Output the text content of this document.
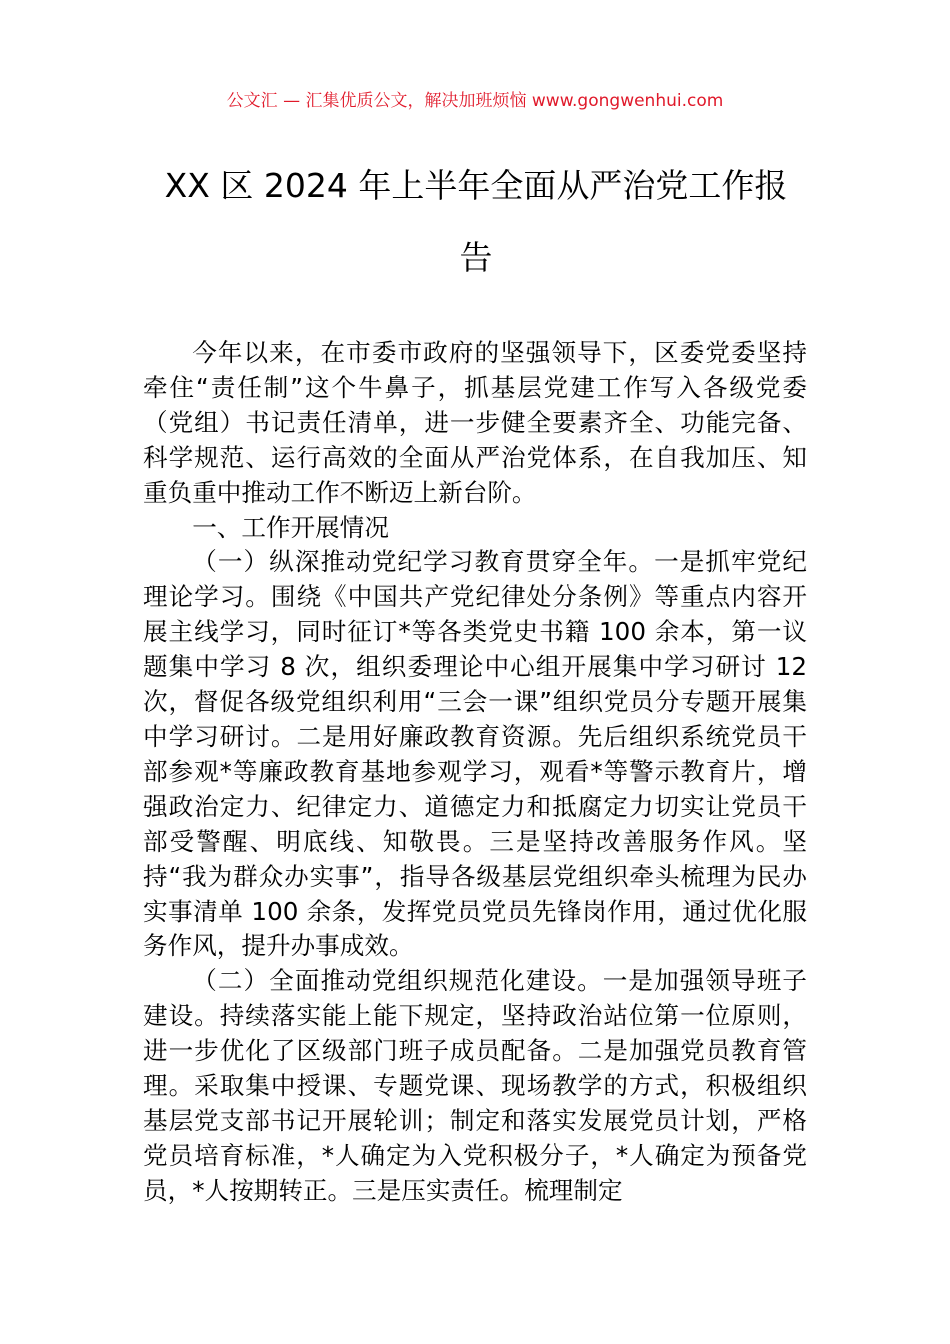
公文汇 — 汇集优质公文，解决加班烦恼 www.gongwenhui.com
XX 区 2024 年上半年全面从严治党工作报
告

今年以来，在市委市政府的坚强领导下，区委党委坚持牵住“责任制”这个牛鼻子，抓基层党建工作写入各级党委（党组）书记责任清单，进一步健全要素齐全、功能完备、科学规范、运行高效的全面从严治党体系，在自我加压、知重负重中推动工作不断迈上新台阶。

一、工作开展情况

（一）纵深推动党纪学习教育贯穿全年。一是抓牢党纪理论学习。围绕《中国共产党纪律处分条例》等重点内容开展主线学习，同时征订*等各类党史书籍 100 余本，第一议题集中学习 8 次，组织委理论中心组开展集中学习研讨 12 次，督促各级党组织利用“三会一课”组织党员分专题开展集中学习研讨。二是用好廉政教育资源。先后组织系统党员干部参观*等廉政教育基地参观学习，观看*等警示教育片，增强政治定力、纪律定力、道德定力和抵腐定力切实让党员干部受警醒、明底线、知敬畏。三是坚持改善服务作风。坚持“我为群众办实事”，指导各级基层党组织牵头梳理为民办实事清单 100 余条，发挥党员党员先锋岗作用，通过优化服务作风，提升办事成效。

（二）全面推动党组织规范化建设。一是加强领导班子建设。持续落实能上能下规定，坚持政治站位第一位原则，进一步优化了区级部门班子成员配备。二是加强党员教育管理。采取集中授课、专题党课、现场教学的方式，积极组织基层党支部书记开展轮训；制定和落实发展党员计划，严格党员培育标准，*人确定为入党积极分子，*人确定为预备党员，*人按期转正。三是压实责任。梳理制定
